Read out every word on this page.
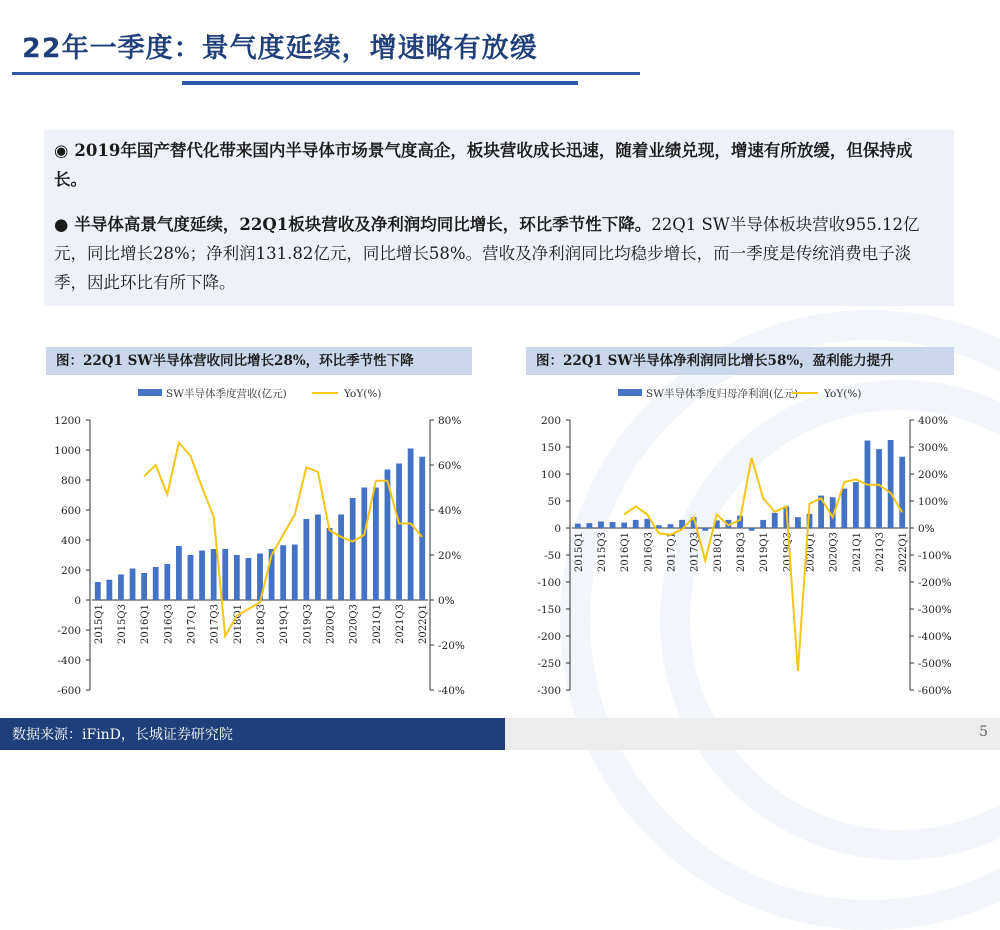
22年一季度：景气度延续，增速略有放缓
◉ 2019年国产替代化带来国内半导体市场景气度高企，板块营收成长迅速，随着业绩兑现，增速有所放缓，但保持成长。
● 半导体高景气度延续，22Q1板块营收及净利润均同比增长，环比季节性下降。22Q1 SW半导体板块营收955.12亿元，同比增长28%；净利润131.82亿元，同比增长58%。营收及净利润同比均稳步增长，而一季度是传统消费电子淡季，因此环比有所下降。
图：22Q1 SW半导体营收同比增长28%，环比季节性下降	图：22Q1 SW半导体净利润同比增长58%，盈利能力提升
SW半导体季度营收(亿元)	YoY(%)
-600
-400
-200
0
200
400
600
800
1000
1200
-40%
-20%
0%
20%
40%
60%
80%
2015Q1 2015Q3 2016Q1 2016Q3 2017Q1 2017Q3 2018Q1 2018Q3 2019Q1 2019Q3 2020Q1 2020Q3 2021Q1 2021Q3 2022Q1
SW半导体季度归母净利润(亿元) YoY(%)
-300
-250
-200
-150
-100
-50
0
50
100
150
200
-600%
-500%
-400%
-300%
-200%
-100%
0%
100%
200%
300%
400%
2015Q1 2015Q3 2016Q1 2016Q3 2017Q1 2017Q3 2018Q1 2018Q3 2019Q1 2019Q3 2020Q1 2020Q3 2021Q1 2021Q3 2022Q1
数据来源：iFinD，长城证券研究院	5
